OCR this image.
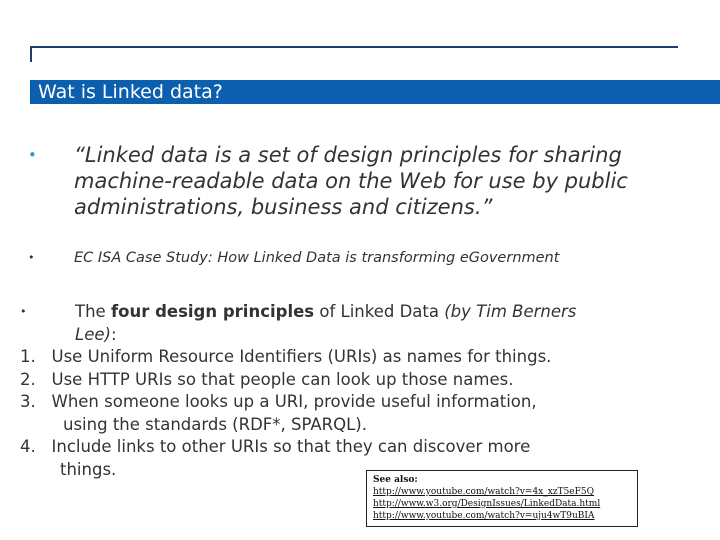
Wat is Linked data?
• “Linked data is a set of design principles for sharing machine-readable data on the Web for use by public administrations, business and citizens.”
•	EC ISA Case Study: How Linked Data is transforming eGovernment
•	The four design principles of Linked Data (by Tim Berners
Lee):
1. Use Uniform Resource Identifiers (URIs) as names for things.
2. Use HTTP URIs so that people can look up those names.
3. When someone looks up a URI, provide useful information,
using the standards (RDF*, SPARQL).
4. Include links to other URIs so that they can discover more
things.
See also:
http://www.youtube.com/watch?v=4x_xzT5eF5Q
http://www.w3.org/DesignIssues/LinkedData.html
http://www.youtube.com/watch?v=uju4wT9uBIA
